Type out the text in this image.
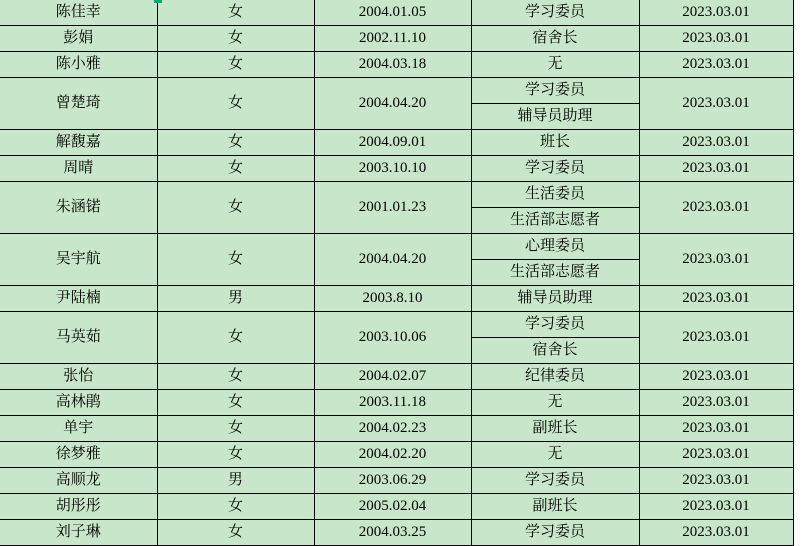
陈佳幸	女	2004.01.05	学习委员	2023.03.01
彭娟	女	2002.11.10	宿舍长	2023.03.01
陈小雅	女	2004.03.18	无	2023.03.01
曾楚琦	女	2004.04.20	学习委员	2023.03.01
			辅导员助理	
解馥嘉	女	2004.09.01	班长	2023.03.01
周晴	女	2003.10.10	学习委员	2023.03.01
朱涵锘	女	2001.01.23	生活委员	2023.03.01
			生活部志愿者	
吴宇航	女	2004.04.20	心理委员	2023.03.01
			生活部志愿者	
尹陆楠	男	2003.8.10	辅导员助理	2023.03.01
马英茹	女	2003.10.06	学习委员	2023.03.01
			宿舍长	
张怡	女	2004.02.07	纪律委员	2023.03.01
高林鹃	女	2003.11.18	无	2023.03.01
单宇	女	2004.02.23	副班长	2023.03.01
徐梦雅	女	2004.02.20	无	2023.03.01
高顺龙	男	2003.06.29	学习委员	2023.03.01
胡彤彤	女	2005.02.04	副班长	2023.03.01
刘子琳	女	2004.03.25	学习委员	2023.03.01
